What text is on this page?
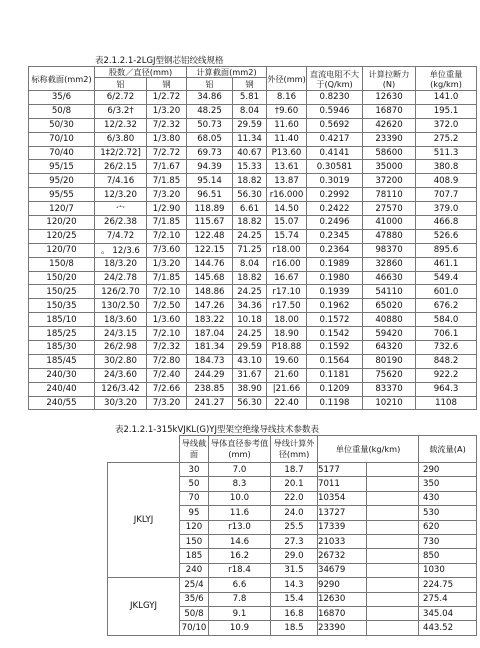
表2.1.2.1-2LGJ型钢芯铝绞线规格
标称截面(mm2)	股数／直径(mm)		计算截面(mm2)		外径(mm)	直流电阻不大于(Q/km)	计算拉断力(N)	单位重量(kg/km)
	铝	钢	铝	钢				
35/6	6/2.72	1/2.72	34.86	5.81	8.16	0.8230	12630	141.0
50/8	6/3.2†	1/3.20	48.25	8.04	†9.60	0.5946	16870	195.1
50/30	12/2.32	7/2.32	50.73	29.59	11.60	0.5692	42620	372.0
70/10	6/3.80	1/3.80	68.05	11.34	11.40	0.4217	23390	275.2
70/40	1‡2/2.72]	7/2.72	69.73	40.67	P13.60	0.4141	58600	511.3
95/15	26/2.15	7/1.67	94.39	15.33	13.61	0.30581	35000	380.8
95/20	7/4.16	7/1.85	95.14	18.82	13.87	0.3019	37200	408.9
95/55	12/3.20	7/3.20	96.51	56.30	r16.000	0.2992	78110	707.7
120/7	宀	1/2.90	118.89	6.61	14.50	0.2422	27570	379.0
120/20	26/2.38	7/1.85	115.67	18.82	15.07	0.2496	41000	466.8
120/25	7/4.72	7/2.10	122.48	24.25	15.74	0.2345	47880	526.6
120/70	。 12/3.6	7/3.60	122.15	71.25	r18.00	0.2364	98370	895.6
150/8	18/3.20	1/3.20	144.76	8.04	r16.00	0.1989	32860	461.1
150/20	24/2.78	7/1.85	145.68	18.82	16.67	0.1980	46630	549.4
150/25	126/2.70	7/2.10	148.86	24.25	r17.10	0.1939	54110	601.0
150/35	130/2.50	7/2.50	147.26	34.36	r17.50	0.1962	65020	676.2
185/10	18/3.60	1/3.60	183.22	10.18	18.00	0.1572	40880	584.0
185/25	24/3.15	7/2.10	187.04	24.25	18.90	0.1542	59420	706.1
185/30	26/2.98	7/2.32	181.34	29.59	P18.88	0.1592	64320	732.6
185/45	30/2.80	7/2.80	184.73	43.10	19.60	0.1564	80190	848.2
240/30	24/3.60	7/2.40	244.29	31.67	21.60	0.1181	75620	922.2
240/40	126/3.42	7/2.66	238.85	38.90	|21.66	0.1209	83370	964.3
240/55	30/3.20	7/3.20	241.27	56.30	22.40	0.1198	10210	1108
表2.1.2.1-315kVJKL(G)YJ型架空绝缘导线技术参数表
	导线截面	导体直径参考值(mm)	导线计算外径(mm)	单位重量(kg/km)		载流量(A)	
JKLYJ	30	7.0	18.7	5177		290	
	50	8.3	20.1	7011		350	
	70	10.0	22.0	10354		430	
	95	11.6	24.0	13727		530	
	120	r13.0	25.5	17339		620	
	150	14.6	27.3	21033		730	
	185	16.2	29.0	26732		850	
	240	r18.4	31.5	34679		1030	
JKLGYJ	25/4	6.6	14.3	9290		224.75	
	35/6	7.8	15.4	12630		275.4	
	50/8	9.1	16.8	16870		345.04	
	70/10	10.9	18.5	23390		443.52	
